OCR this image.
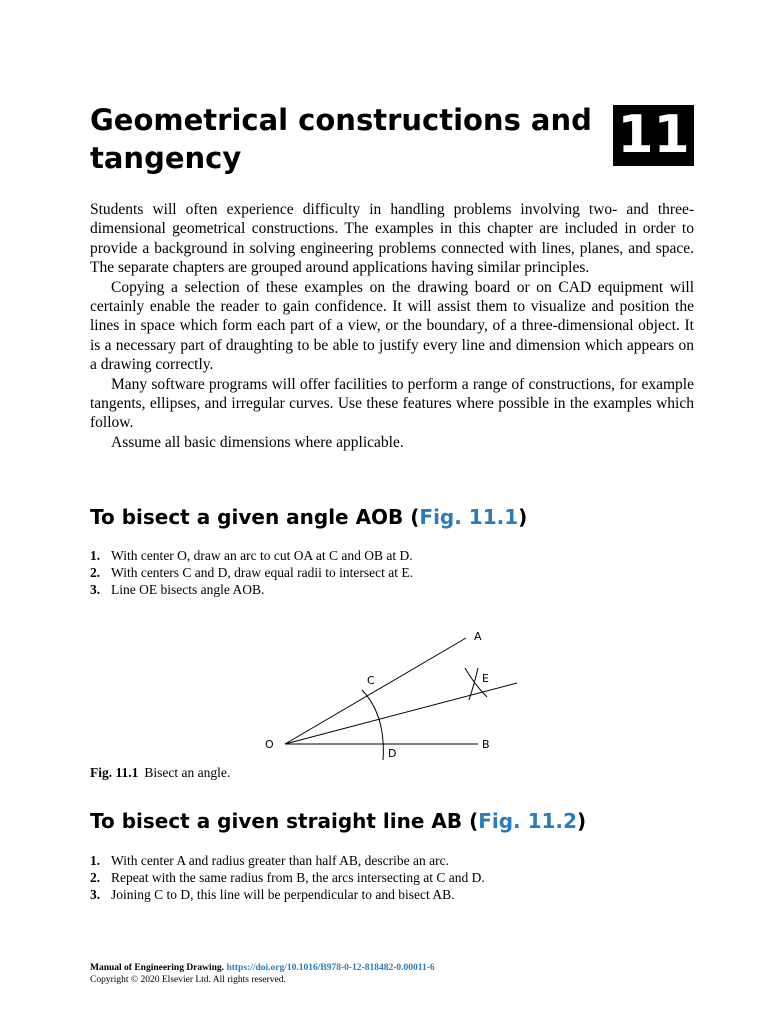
Geometrical constructions and
tangency	11

Students will often experience difficulty in handling problems involving two- and three-dimensional geometrical constructions. The examples in this chapter are included in order to provide a background in solving engineering problems connected with lines, planes, and space. The separate chapters are grouped around applications having similar principles.

Copying a selection of these examples on the drawing board or on CAD equipment will certainly enable the reader to gain confidence. It will assist them to visualize and position the lines in space which form each part of a view, or the boundary, of a three-dimensional object. It is a necessary part of draughting to be able to justify every line and dimension which appears on a drawing correctly.

Many software programs will offer facilities to perform a range of constructions, for example tangents, ellipses, and irregular curves. Use these features where possible in the examples which follow.

Assume all basic dimensions where applicable.

To bisect a given angle AOB (Fig. 11.1)
1. With center O, draw an arc to cut OA at C and OB at D.
2. With centers C and D, draw equal radii to intersect at E.
3. Line OE bisects angle AOB.
A
B
C
D
E
O
Fig. 11.1 Bisect an angle.
To bisect a given straight line AB (Fig. 11.2)
1. With center A and radius greater than half AB, describe an arc.
2. Repeat with the same radius from B, the arcs intersecting at C and D.
3. Joining C to D, this line will be perpendicular to and bisect AB.
Manual of Engineering Drawing. https://doi.org/10.1016/B978-0-12-818482-0.00011-6
Copyright © 2020 Elsevier Ltd. All rights reserved.
